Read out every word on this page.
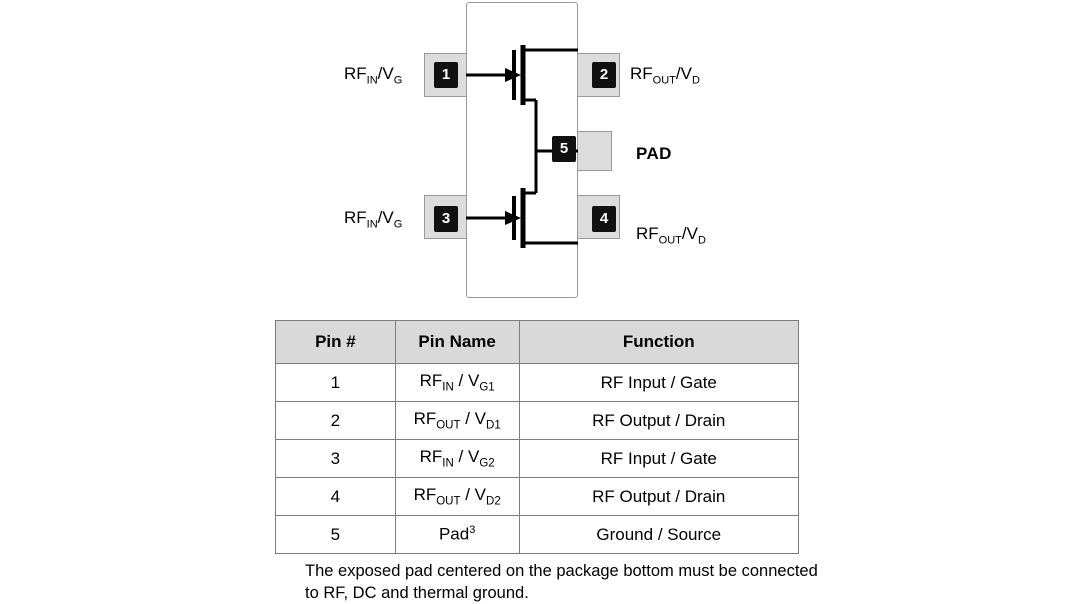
1	2
3	4
5
$RF_{IN}/V_G$	$RF_{OUT}/V_D$
$RF_{IN}/V_G$	$RF_{OUT}/V_D$
PAD
Pin #	Pin Name	Function
1	$RF_{IN} / V_{G1}$	RF Input / Gate
2	$RF_{OUT} / V_{D1}$	RF Output / Drain
3	$RF_{IN} / V_{G2}$	RF Input / Gate
4	$RF_{OUT} / V_{D2}$	RF Output / Drain
5	Pad$^3$	Ground / Source
The exposed pad centered on the package bottom must be connected to RF, DC and thermal ground.
